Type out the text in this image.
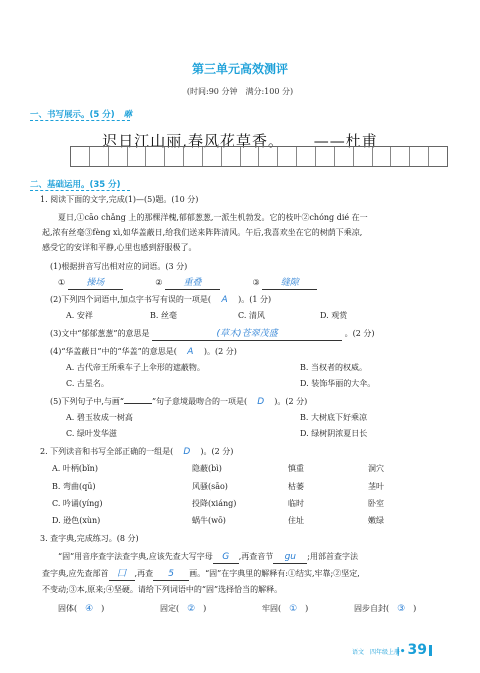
第三单元高效测评
(时间:90 分钟　满分:100 分)
一、书写展示。(5 分) 咻
迟日江山丽,春风花草香。 ——杜甫
二、基础运用。(35 分)
1. 阅读下面的文字,完成(1)—(5)题。(10 分)
夏日,①cāo chǎng 上的那棵洋槐,郁郁葱葱,一派生机勃发。它的枝叶②chóng dié 在一
起,浓有丝毫③fèng xì,如华盖蔽日,给我们送来阵阵清风。午后,我喜欢坐在它的树荫下乘凉,
感受它的安详和平静,心里也感到舒服极了。
(1)根据拼音写出相对应的词语。(3 分)
① 操场	② 重叠	③ 缝隙
(2)下列四个词语中,加点字书写有误的一项是( A )。(1 分)
A. 安祥	B. 丝毫	C. 清风	D. 观赏
(3)文中“郁郁葱葱”的意思是	(草木)苍翠茂盛	。(2 分)
(4)“华盖蔽日”中的“华盖”的意思是( A )。(2 分)
A. 古代帝王所乘车子上伞形的遮蔽物。	B. 当权者的权威。
C. 古星名。	D. 装饰华丽的大伞。
(5)下列句子中,与画“	”句子意境最吻合的一项是( D )。(2 分)
A. 碧玉妆成一树高	B. 大树底下好乘凉
C. 绿叶发华滋	D. 绿树阴浓夏日长
2. 下列读音和书写全部正确的一组是( D )。(2 分)
A. 叶柄(bǐn)	隐蔽(bì)	慎重	洞穴
B. 弯曲(qū)	风骚(sāo)	枯萎	茎叶
C. 吟诵(yíng)	投降(xiáng)	临时	卧室
D. 逊色(xùn)	蜗牛(wō)	住址	嫩绿
3. 查字典,完成练习。(8 分)
“固”用音序查字法查字典,应该先查大写字母 G ,再查音节 gu ;用部首查字法
查字典,应先查部首 囗 ,再查 5 画。“固”在字典里的解释有:①结实,牢靠;②坚定,
不变动;③本,原来;④坚硬。请给下列词语中的“固”选择恰当的解释。
固体( ④ )	固定( ② )	牢固( ① )	固步自封( ③ )
语文　四年级上册
|• 39
